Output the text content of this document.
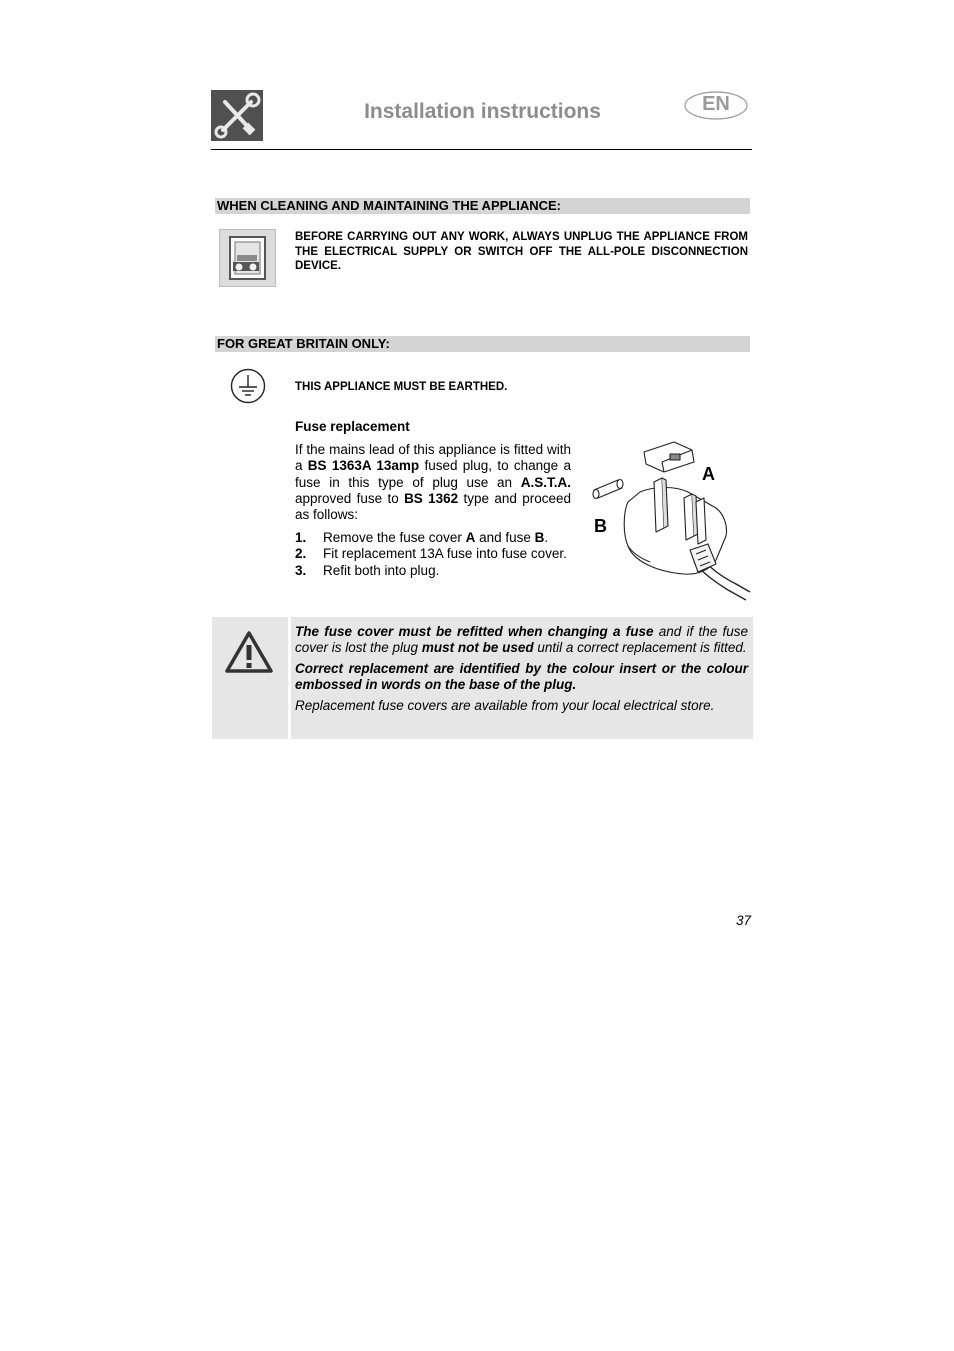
Installation instructions	EN
WHEN CLEANING AND MAINTAINING THE APPLIANCE:
BEFORE CARRYING OUT ANY WORK, ALWAYS UNPLUG THE APPLIANCE FROM THE ELECTRICAL SUPPLY OR SWITCH OFF THE ALL-POLE DISCONNECTION DEVICE.
FOR GREAT BRITAIN ONLY:
THIS APPLIANCE MUST BE EARTHED.
Fuse replacement
If the mains lead of this appliance is fitted with a BS 1363A 13amp fused plug, to change a fuse in this type of plug use an A.S.T.A. approved fuse to BS 1362 type and proceed as follows:
1.	Remove the fuse cover A and fuse B.
2.	Fit replacement 13A fuse into fuse cover.
3.	Refit both into plug.
A
B

The fuse cover must be refitted when changing a fuse and if the fuse cover is lost the plug must not be used until a correct replacement is fitted.

Correct replacement are identified by the colour insert or the colour embossed in words on the base of the plug.

Replacement fuse covers are available from your local electrical store.

37
